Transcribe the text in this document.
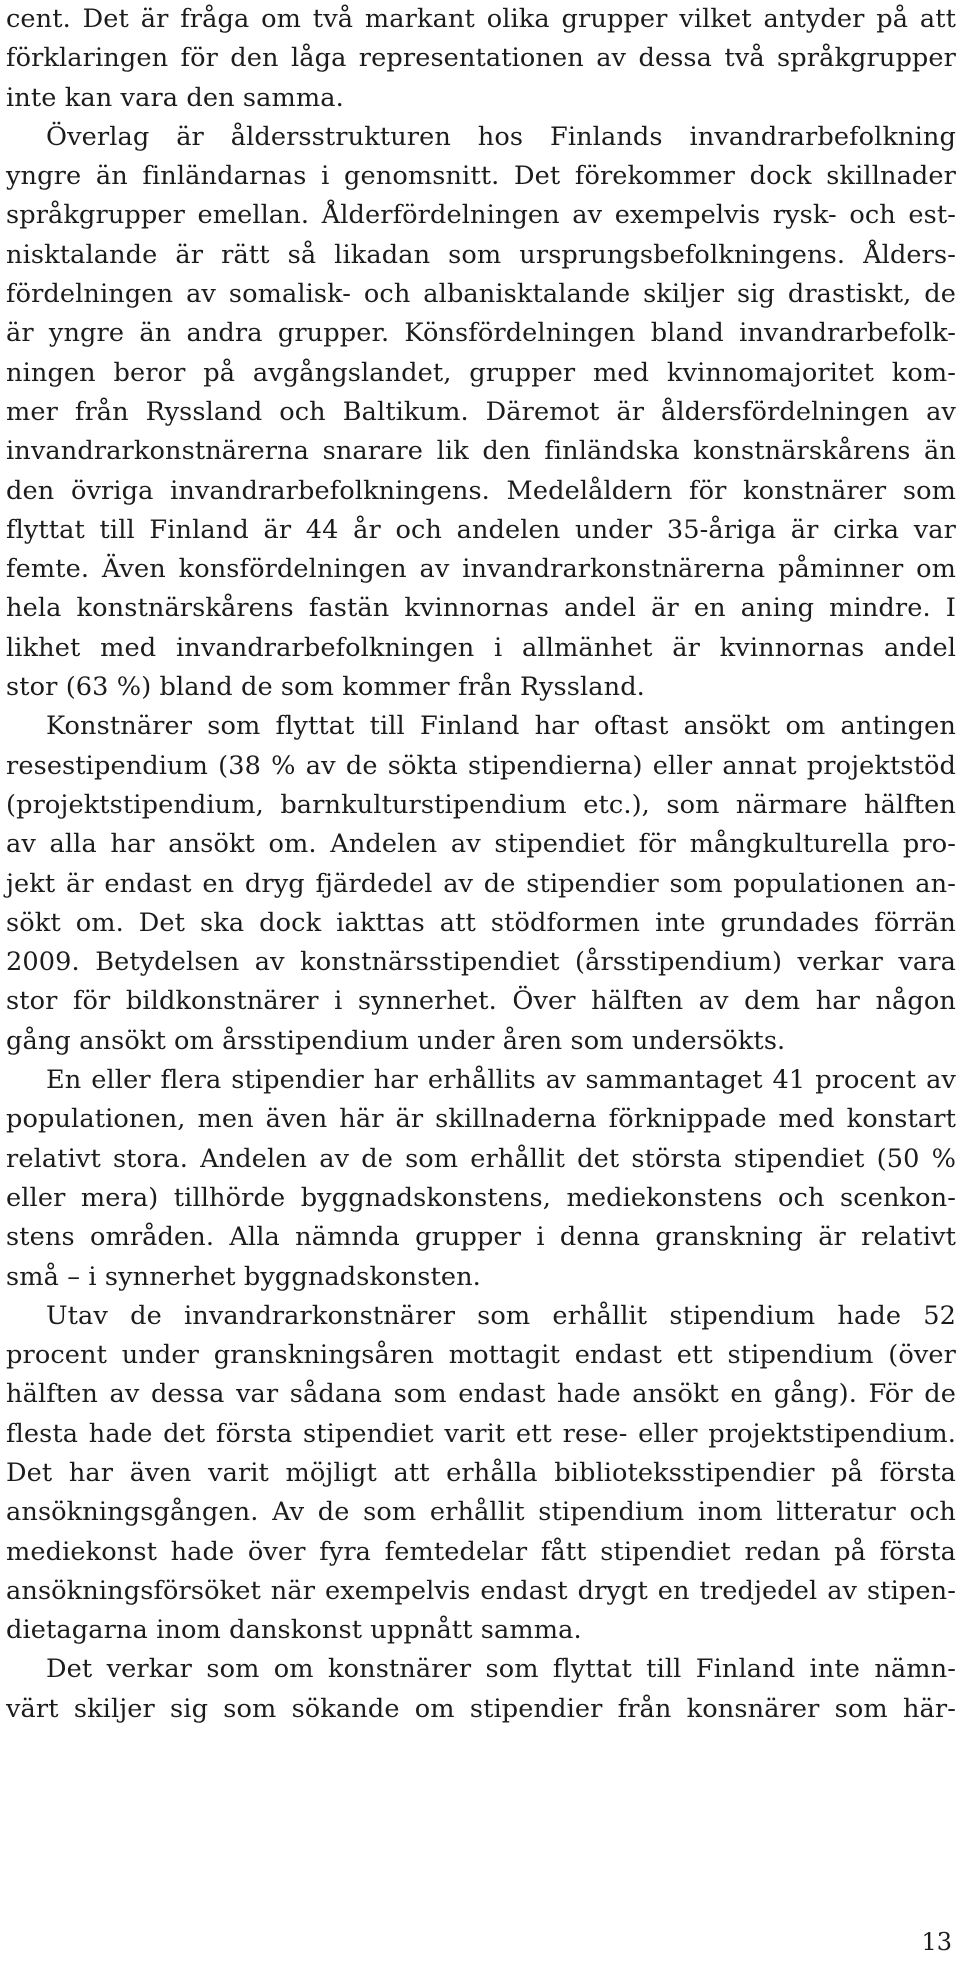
cent. Det är fråga om två markant olika grupper vilket antyder på att
förklaringen för den låga representationen av dessa två språkgrupper
inte kan vara den samma.

Överlag är åldersstrukturen hos Finlands invandrarbefolkning
yngre än finländarnas i genomsnitt. Det förekommer dock skillnader
språkgrupper emellan. Ålderfördelningen av exempelvis rysk- och est-
nisktalande är rätt så likadan som ursprungsbefolkningens. Ålders-
fördelningen av somalisk- och albanisktalande skiljer sig drastiskt, de
är yngre än andra grupper. Könsfördelningen bland invandrarbefolk-
ningen beror på avgångslandet, grupper med kvinnomajoritet kom-
mer från Ryssland och Baltikum. Däremot är åldersfördelningen av
invandrarkonstnärerna snarare lik den finländska konstnärskårens än
den övriga invandrarbefolkningens. Medelåldern för konstnärer som
flyttat till Finland är 44 år och andelen under 35-åriga är cirka var
femte. Även konsfördelningen av invandrarkonstnärerna påminner om
hela konstnärskårens fastän kvinnornas andel är en aning mindre. I
likhet med invandrarbefolkningen i allmänhet är kvinnornas andel
stor (63 %) bland de som kommer från Ryssland.

Konstnärer som flyttat till Finland har oftast ansökt om antingen
resestipendium (38 % av de sökta stipendierna) eller annat projektstöd
(projektstipendium, barnkulturstipendium etc.), som närmare hälften
av alla har ansökt om. Andelen av stipendiet för mångkulturella pro-
jekt är endast en dryg fjärdedel av de stipendier som populationen an-
sökt om. Det ska dock iakttas att stödformen inte grundades förrän
2009. Betydelsen av konstnärsstipendiet (årsstipendium) verkar vara
stor för bildkonstnärer i synnerhet. Över hälften av dem har någon
gång ansökt om årsstipendium under åren som undersökts.

En eller flera stipendier har erhållits av sammantaget 41 procent av
populationen, men även här är skillnaderna förknippade med konstart
relativt stora. Andelen av de som erhållit det största stipendiet (50 %
eller mera) tillhörde byggnadskonstens, mediekonstens och scenkon-
stens områden. Alla nämnda grupper i denna granskning är relativt
små – i synnerhet byggnadskonsten.

Utav de invandrarkonstnärer som erhållit stipendium hade 52
procent under granskningsåren mottagit endast ett stipendium (över
hälften av dessa var sådana som endast hade ansökt en gång). För de
flesta hade det första stipendiet varit ett rese- eller projektstipendium.
Det har även varit möjligt att erhålla biblioteksstipendier på första
ansökningsgången. Av de som erhållit stipendium inom litteratur och
mediekonst hade över fyra femtedelar fått stipendiet redan på första
ansökningsförsöket när exempelvis endast drygt en tredjedel av stipen-
dietagarna inom danskonst uppnått samma.

Det verkar som om konstnärer som flyttat till Finland inte nämn-
värt skiljer sig som sökande om stipendier från konsnärer som här-

13
